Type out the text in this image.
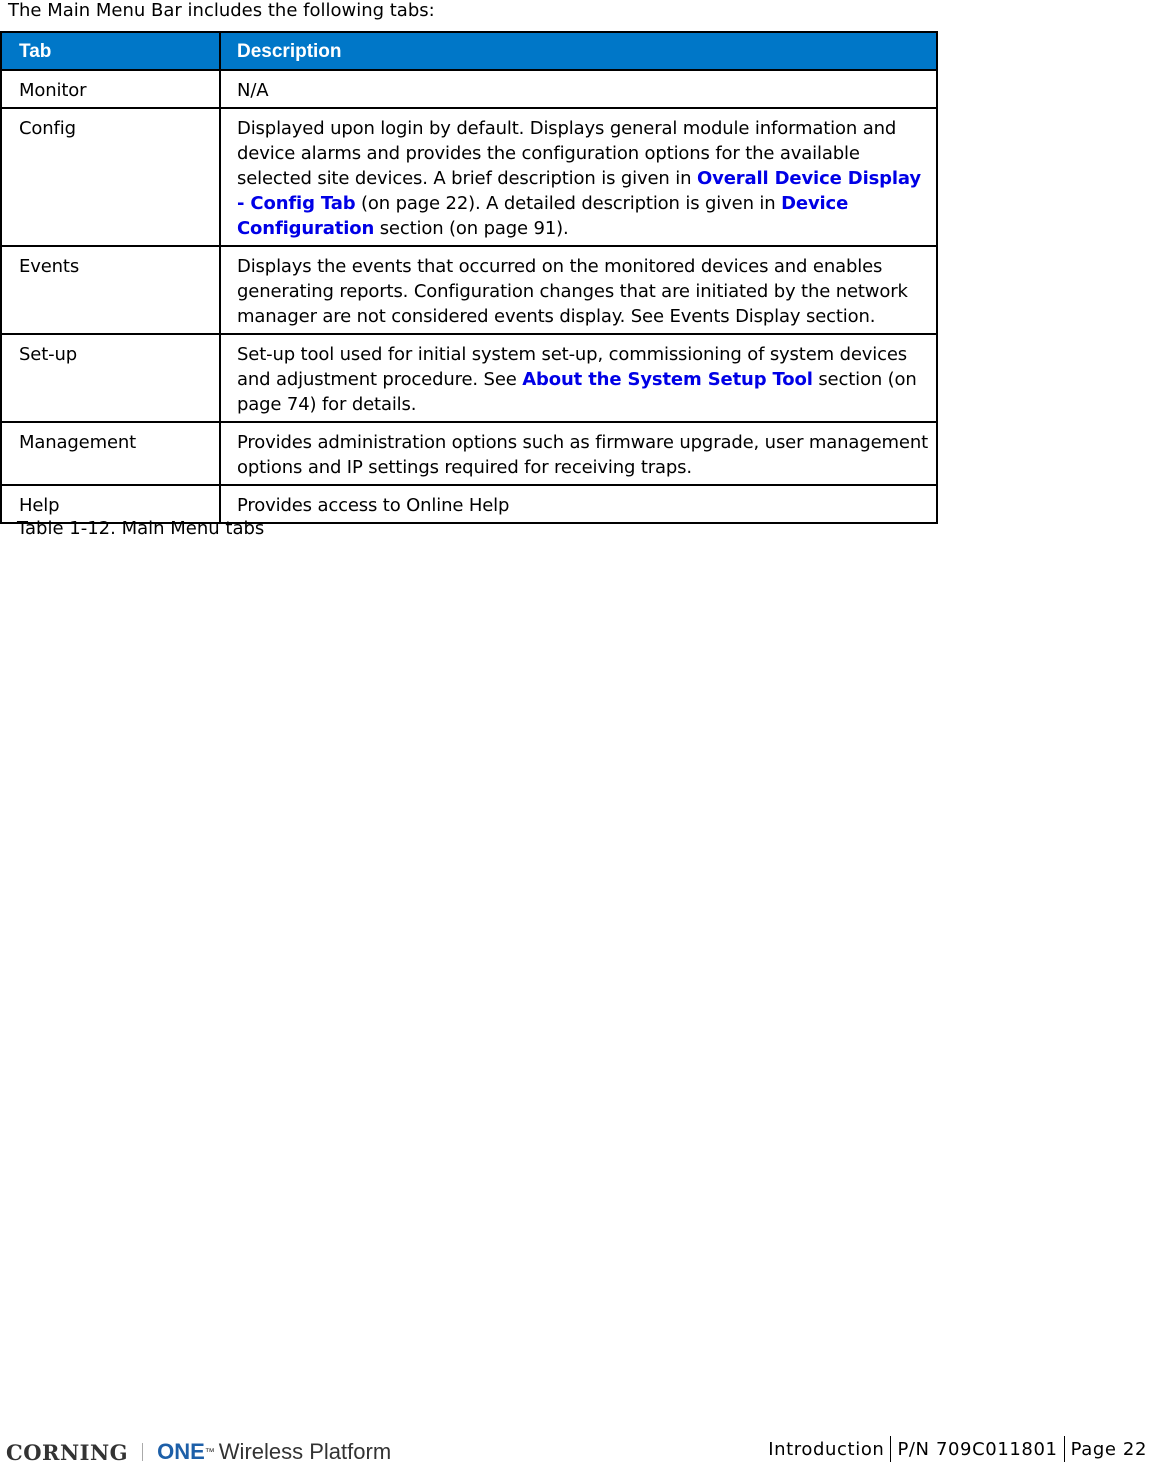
The Main Menu Bar includes the following tabs:
Tab	Description
Monitor	N/A
Config	Displayed upon login by default. Displays general module information and device alarms and provides the configuration options for the available selected site devices. A brief description is given in Overall Device Display - Config Tab (on page 22). A detailed description is given in Device Configuration section (on page 91).
Events	Displays the events that occurred on the monitored devices and enables generating reports. Configuration changes that are initiated by the network manager are not considered events display. See Events Display section.
Set-up	Set-up tool used for initial system set-up, commissioning of system devices and adjustment procedure. See About the System Setup Tool section (on page 74) for details.
Management	Provides administration options such as firmware upgrade, user management options and IP settings required for receiving traps.
Help	Provides access to Online Help
Table 1-12. Main Menu tabs
CORNING ONE ™ Wireless Platform	Introduction P/N 709C011801 Page 22
